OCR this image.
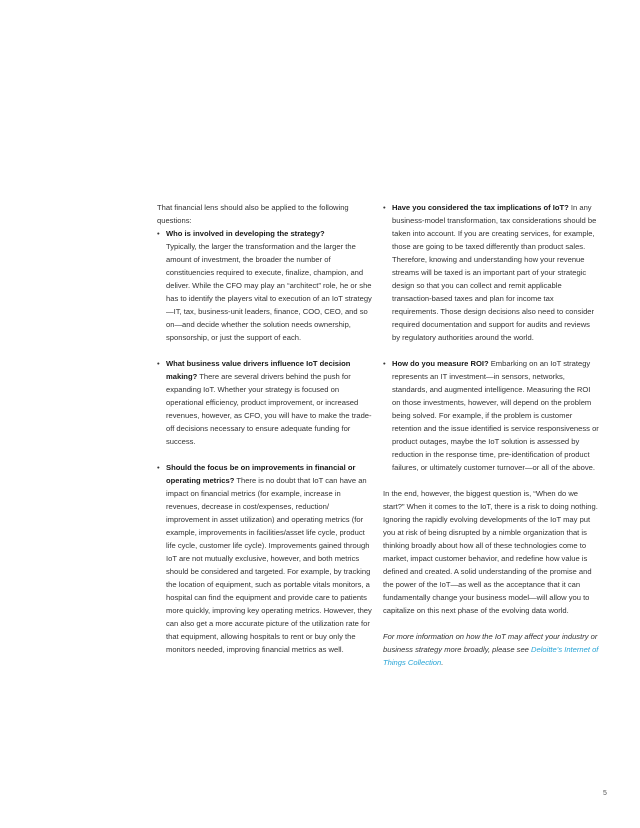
That financial lens should also be applied to the following questions:

• Who is involved in developing the strategy?
Typically, the larger the transformation and the larger the amount of investment, the broader the number of constituencies required to execute, finalize, champion, and deliver. While the CFO may play an “architect” role, he or she has to identify the players vital to execution of an IoT strategy—IT, tax, business-unit leaders, finance, COO, CEO, and so on—and decide whether the solution needs ownership, sponsorship, or just the support of each.
• What business value drivers influence IoT decision making? There are several drivers behind the push for expanding IoT. Whether your strategy is focused on operational efficiency, product improvement, or increased revenues, however, as CFO, you will have to make the trade-off decisions necessary to ensure adequate funding for success.
• Should the focus be on improvements in financial or operating metrics? There is no doubt that IoT can have an impact on financial metrics (for example, increase in revenues, decrease in cost/expenses, reduction/ improvement in asset utilization) and operating metrics (for example, improvements in facilities/asset life cycle, product life cycle, customer life cycle). Improvements gained through IoT are not mutually exclusive, however, and both metrics should be considered and targeted. For example, by tracking the location of equipment, such as portable vitals monitors, a hospital can find the equipment and provide care to patients more quickly, improving key operating metrics. However, they can also get a more accurate picture of the utilization rate for that equipment, allowing hospitals to rent or buy only the monitors needed, improving financial metrics as well.
• Have you considered the tax implications of IoT? In any business-model transformation, tax considerations should be taken into account. If you are creating services, for example, those are going to be taxed differently than product sales. Therefore, knowing and understanding how your revenue streams will be taxed is an important part of your strategic design so that you can collect and remit applicable transaction-based taxes and plan for income tax requirements. Those design decisions also need to consider required documentation and support for audits and reviews by regulatory authorities around the world.
• How do you measure ROI? Embarking on an IoT strategy represents an IT investment—in sensors, networks, standards, and augmented intelligence. Measuring the ROI on those investments, however, will depend on the problem being solved. For example, if the problem is customer retention and the issue identified is service responsiveness or product outages, maybe the IoT solution is assessed by reduction in the response time, pre-identification of product failures, or ultimately customer turnover—or all of the above.

In the end, however, the biggest question is, “When do we start?” When it comes to the IoT, there is a risk to doing nothing. Ignoring the rapidly evolving developments of the IoT may put you at risk of being disrupted by a nimble organization that is thinking broadly about how all of these technologies come to market, impact customer behavior, and redefine how value is defined and created. A solid understanding of the promise and the power of the IoT—as well as the acceptance that it can fundamentally change your business model—will allow you to capitalize on this next phase of the evolving data world.

For more information on how the IoT may affect your industry or business strategy more broadly, please see Deloitte’s Internet of Things Collection.

5
